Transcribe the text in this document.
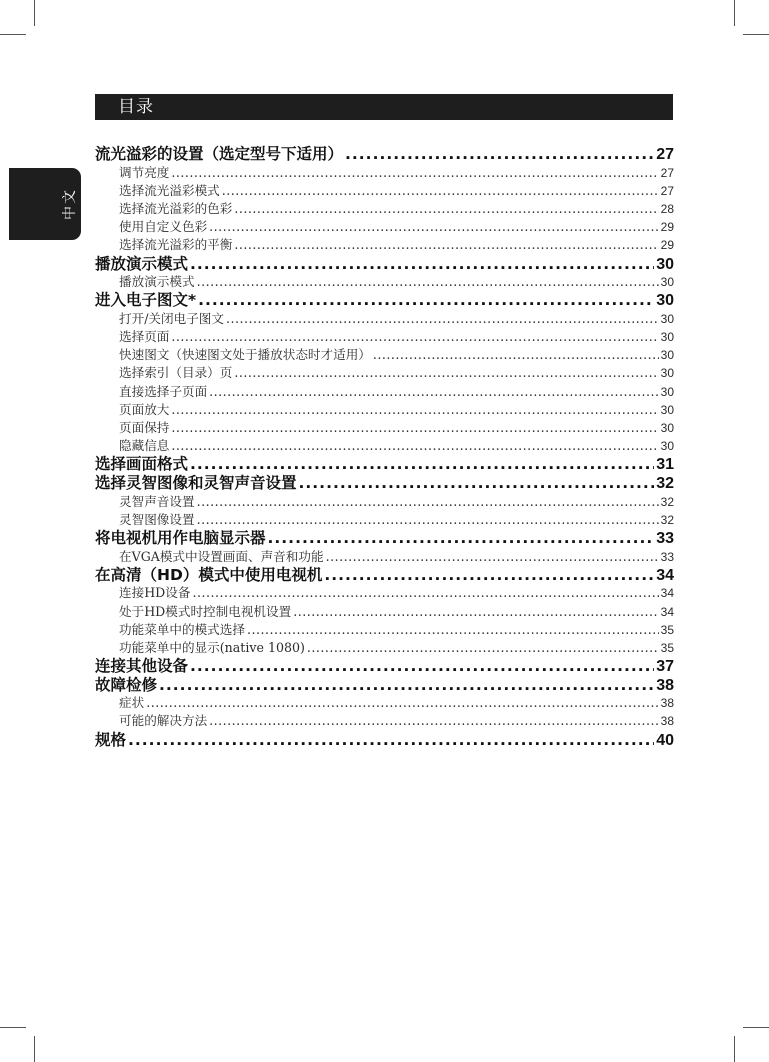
中文
目录
流光溢彩的设置（选定型号下适用） .....	27
调节亮度 .....	27
选择流光溢彩模式 .....	27
选择流光溢彩的色彩 .....	28
使用自定义色彩 .....	29
选择流光溢彩的平衡 .....	29
播放演示模式 .....	30
播放演示模式 .....	30
进入电子图文* .....	30
打开/关闭电子图文 .....	30
选择页面 .....	30
快速图文（快速图文处于播放状态时才适用） .....	30
选择索引（目录）页 .....	30
直接选择子页面 .....	30
页面放大 .....	30
页面保持 .....	30
隐藏信息 .....	30
选择画面格式 .....	31
选择灵智图像和灵智声音设置 .....	32
灵智声音设置 .....	32
灵智图像设置 .....	32
将电视机用作电脑显示器 .....	33
在VGA模式中设置画面、声音和功能 .....	33
在高清（HD）模式中使用电视机 .....	34
连接HD设备 .....	34
处于HD模式时控制电视机设置 .....	34
功能菜单中的模式选择 .....	35
功能菜单中的显示(native 1080) .....	35
连接其他设备 .....	37
故障检修 .....	38
症状 .....	38
可能的解决方法 .....	38
规格 .....	40
